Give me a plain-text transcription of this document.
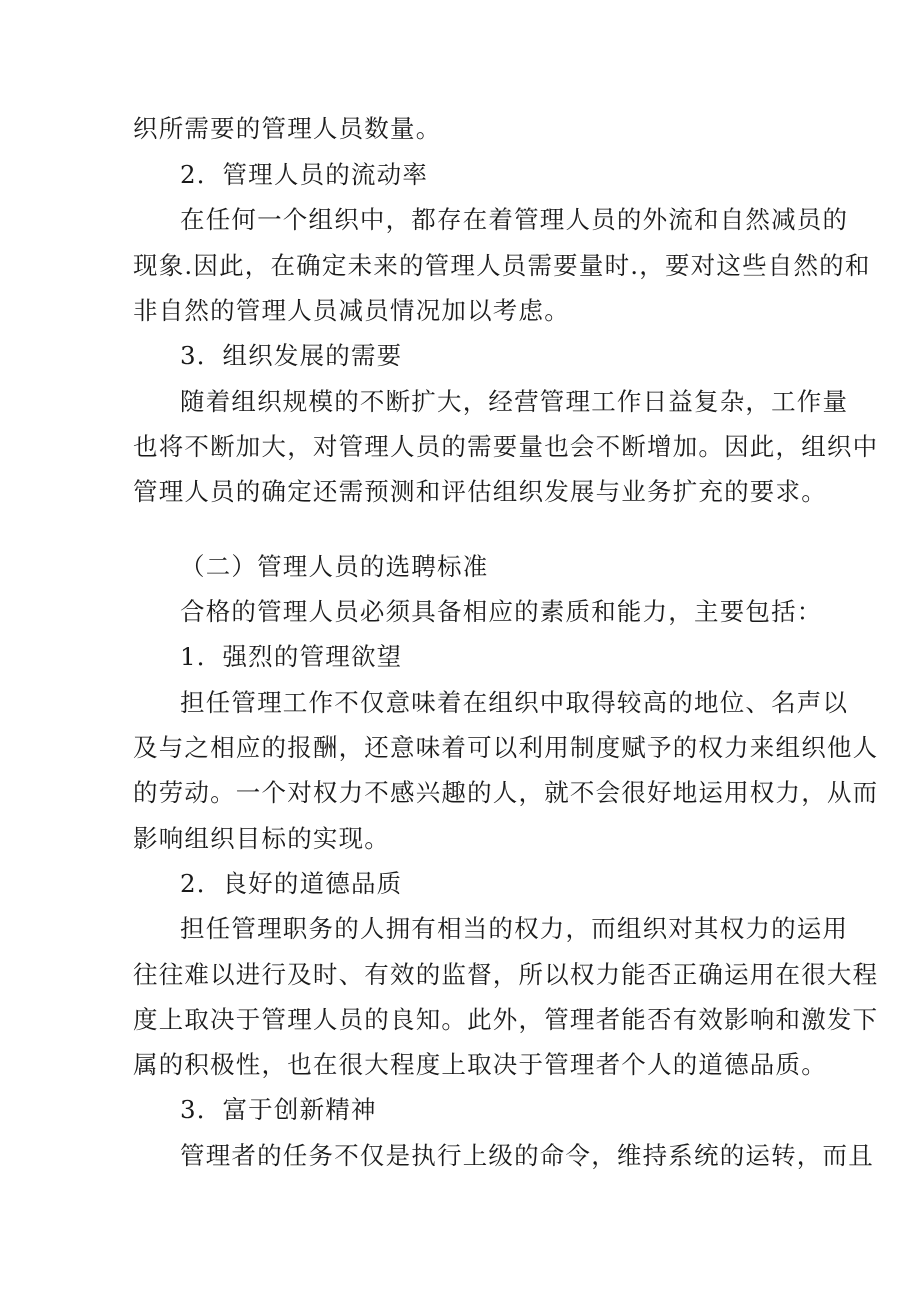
织所需要的管理人员数量。
2．管理人员的流动率
在任何一个组织中，都存在着管理人员的外流和自然减员的
现象.因此，在确定未来的管理人员需要量时.，要对这些自然的和
非自然的管理人员减员情况加以考虑。
3．组织发展的需要
随着组织规模的不断扩大，经营管理工作日益复杂，工作量
也将不断加大，对管理人员的需要量也会不断增加。因此，组织中
管理人员的确定还需预测和评估组织发展与业务扩充的要求。
（二）管理人员的选聘标准
合格的管理人员必须具备相应的素质和能力，主要包括：
1．强烈的管理欲望
担任管理工作不仅意味着在组织中取得较高的地位、名声以
及与之相应的报酬，还意味着可以利用制度赋予的权力来组织他人
的劳动。一个对权力不感兴趣的人，就不会很好地运用权力，从而
影响组织目标的实现。
2．良好的道德品质
担任管理职务的人拥有相当的权力，而组织对其权力的运用
往往难以进行及时、有效的监督，所以权力能否正确运用在很大程
度上取决于管理人员的良知。此外，管理者能否有效影响和激发下
属的积极性，也在很大程度上取决于管理者个人的道德品质。
3．富于创新精神
管理者的任务不仅是执行上级的命令，维持系统的运转，而且
